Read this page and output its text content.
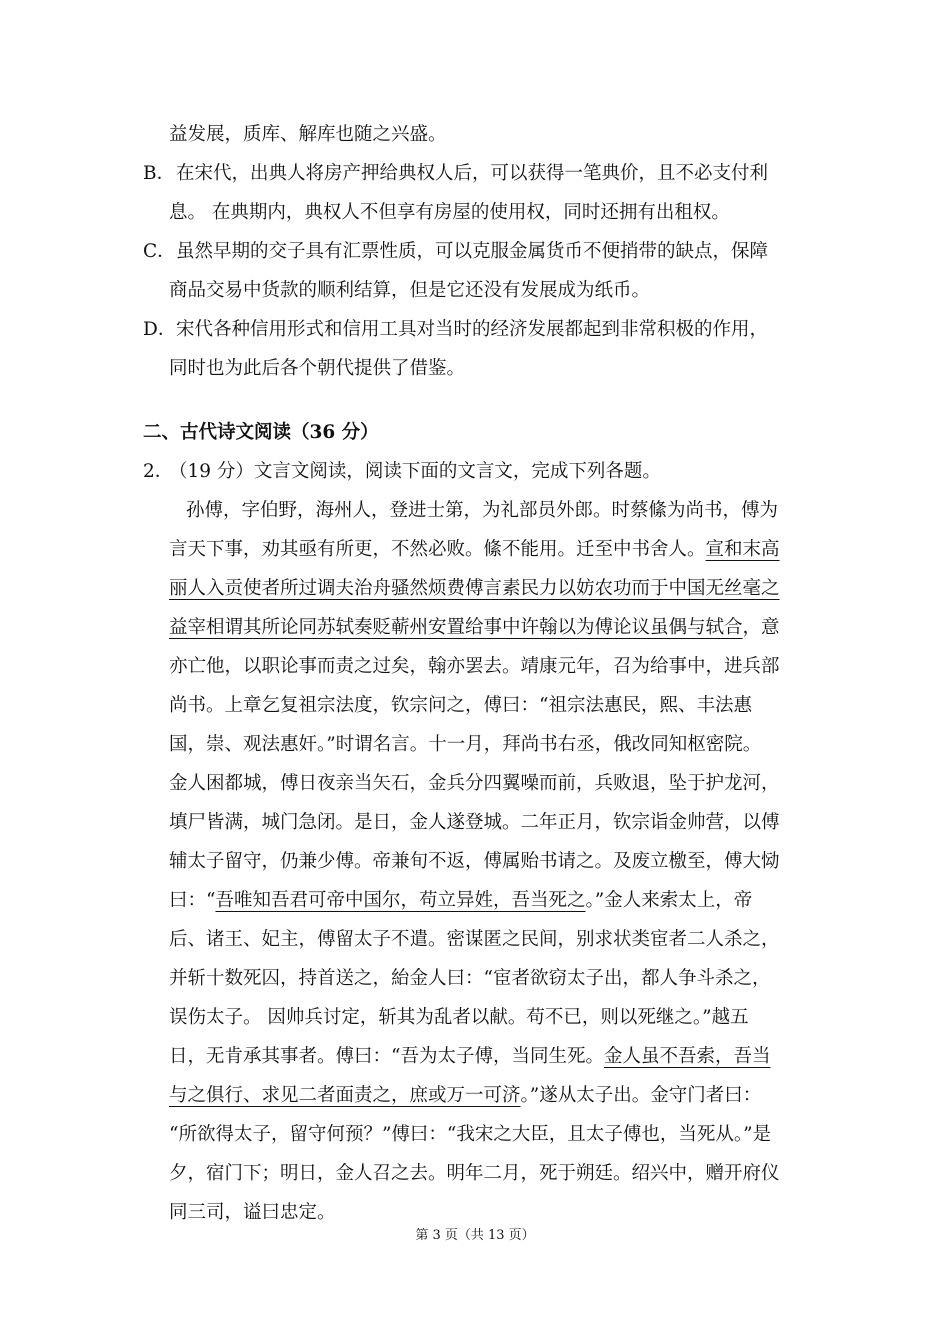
益发展，质库、解库也随之兴盛。
B． 在宋代，出典人将房产押给典权人后，可以获得一笔典价，且不必支付利
息。 在典期内，典权人不但享有房屋的使用权，同时还拥有出租权。
C． 虽然早期的交子具有汇票性质，可以克服金属货币不便捎带的缺点，保障
商品交易中货款的顺利结算，但是它还没有发展成为纸币。
D． 宋代各种信用形式和信用工具对当时的经济发展都起到非常积极的作用，
同时也为此后各个朝代提供了借鉴。
二、古代诗文阅读（36 分）
2．
（19 分）文言文阅读，阅读下面的文言文，完成下列各题。
孙傅，字伯野，海州人，登进士第，为礼部员外郎。时蔡絛为尚书，傅为
言天下事，劝其亟有所更，不然必败。絛不能用。迁至中书舍人。宣和末高
丽人入贡使者所过调夫治舟骚然烦费傅言素民力以妨农功而于中国无丝毫之
益宰相谓其所论同苏轼奏贬蕲州安置给事中许翰以为傅论议虽偶与轼合，意
亦亡他，以职论事而责之过矣，翰亦罢去。靖康元年，召为给事中，进兵部
尚书。上章乞复祖宗法度，钦宗问之，傅曰：“祖宗法惠民，熙、丰法惠
国，崇、观法惠奸。”时谓名言。十一月，拜尚书右丞，俄改同知枢密院。
金人困都城，傅日夜亲当矢石，金兵分四翼噪而前，兵败退，坠于护龙河，
填尸皆满，城门急闭。是日，金人遂登城。二年正月，钦宗诣金帅营，以傅
辅太子留守，仍兼少傅。帝兼旬不返，傅属贻书请之。及废立檄至，傅大恸
曰：“吾唯知吾君可帝中国尔，苟立异姓，吾当死之。”金人来索太上，帝
后、诸王、妃主，傅留太子不遣。密谋匿之民间，别求状类宦者二人杀之，
并斩十数死囚，持首送之，紿金人曰：“宦者欲窃太子出，都人争斗杀之，
误伤太子。 因帅兵讨定，斩其为乱者以献。苟不已，则以死继之。”越五
日，无肯承其事者。傅曰：“吾为太子傅，当同生死。金人虽不吾索，吾当
与之俱行、求见二者面责之，庶或万一可济。”遂从太子出。金守门者曰：
“所欲得太子，留守何预？”傅曰：“我宋之大臣，且太子傅也，当死从。”是
夕，宿门下；明日，金人召之去。明年二月，死于朔廷。绍兴中，赠开府仪
同三司，谥曰忠定。
第 3 页（共 13 页）
